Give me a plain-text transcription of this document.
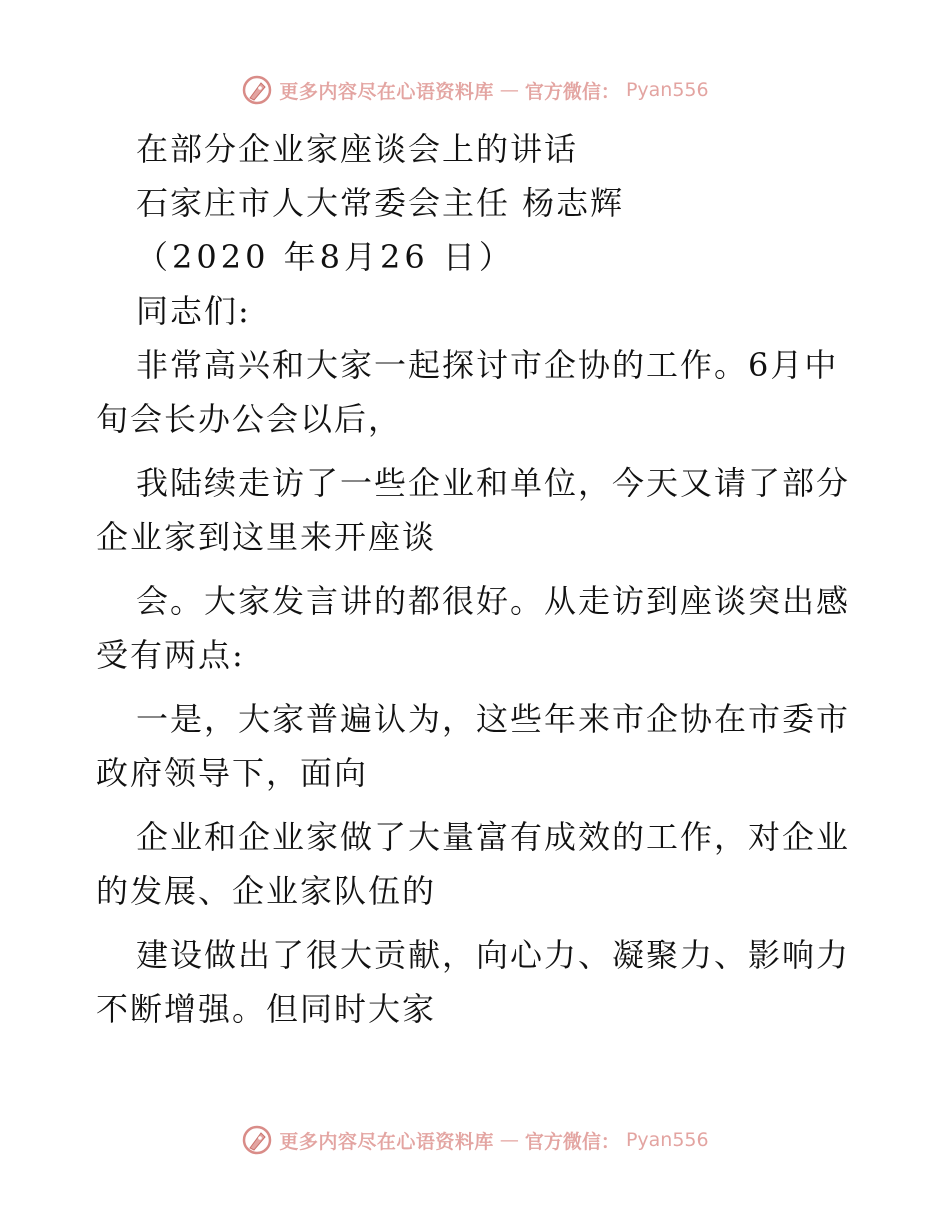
更多内容尽在心语资料库 — 官方微信： Pyan556
在部分企业家座谈会上的讲话
石家庄市人大常委会主任 杨志辉
（2020 年8月26 日）
同志们:
非常高兴和大家一起探讨市企协的工作。6月中
旬会长办公会以后，
我陆续走访了一些企业和单位，今天又请了部分
企业家到这里来开座谈
会。大家发言讲的都很好。从走访到座谈突出感
受有两点:
一是，大家普遍认为，这些年来市企协在市委市
政府领导下，面向
企业和企业家做了大量富有成效的工作，对企业
的发展、企业家队伍的
建设做出了很大贡献，向心力、凝聚力、影响力
不断增强。但同时大家
更多内容尽在心语资料库 — 官方微信： Pyan556
